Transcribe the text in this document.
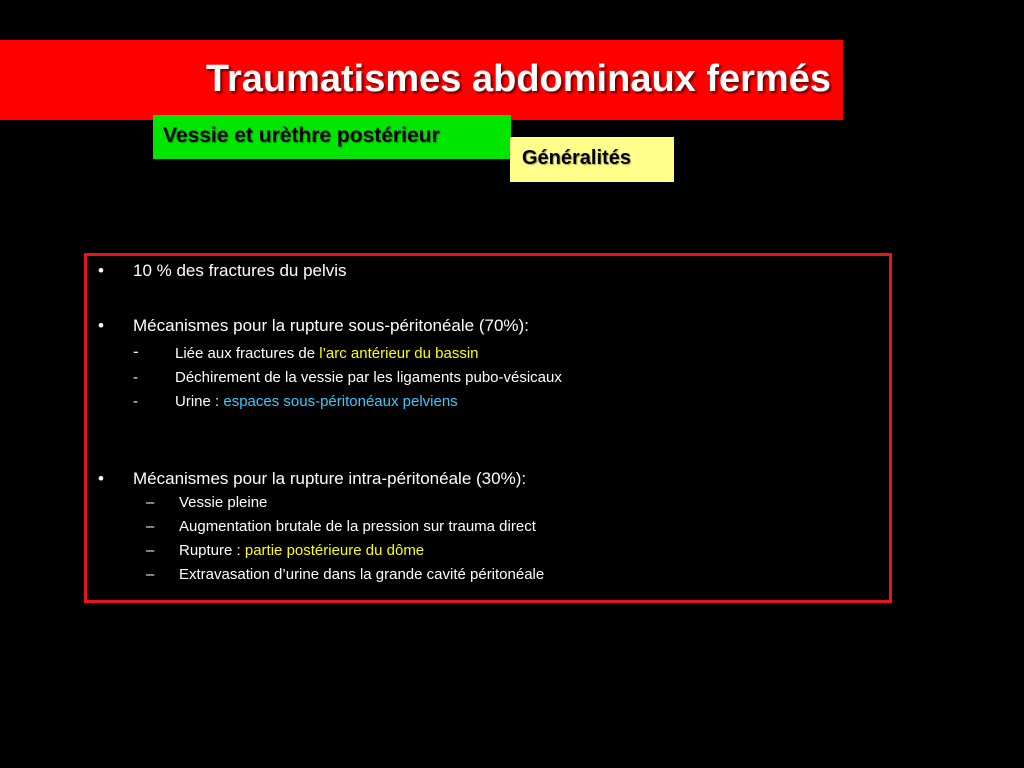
Traumatismes abdominaux fermés
Vessie et urèthre postérieur
Généralités
• 10 % des fractures du pelvis
• Mécanismes pour la rupture sous-péritonéale (70%):
- Liée aux fractures de l’arc antérieur du bassin
- Déchirement de la vessie par les ligaments pubo-vésicaux
- Urine : espaces sous-péritonéaux pelviens
• Mécanismes pour la rupture intra-péritonéale (30%):
– Vessie pleine
– Augmentation brutale de la pression sur trauma direct
– Rupture : partie postérieure du dôme
– Extravasation d’urine dans la grande cavité péritonéale
